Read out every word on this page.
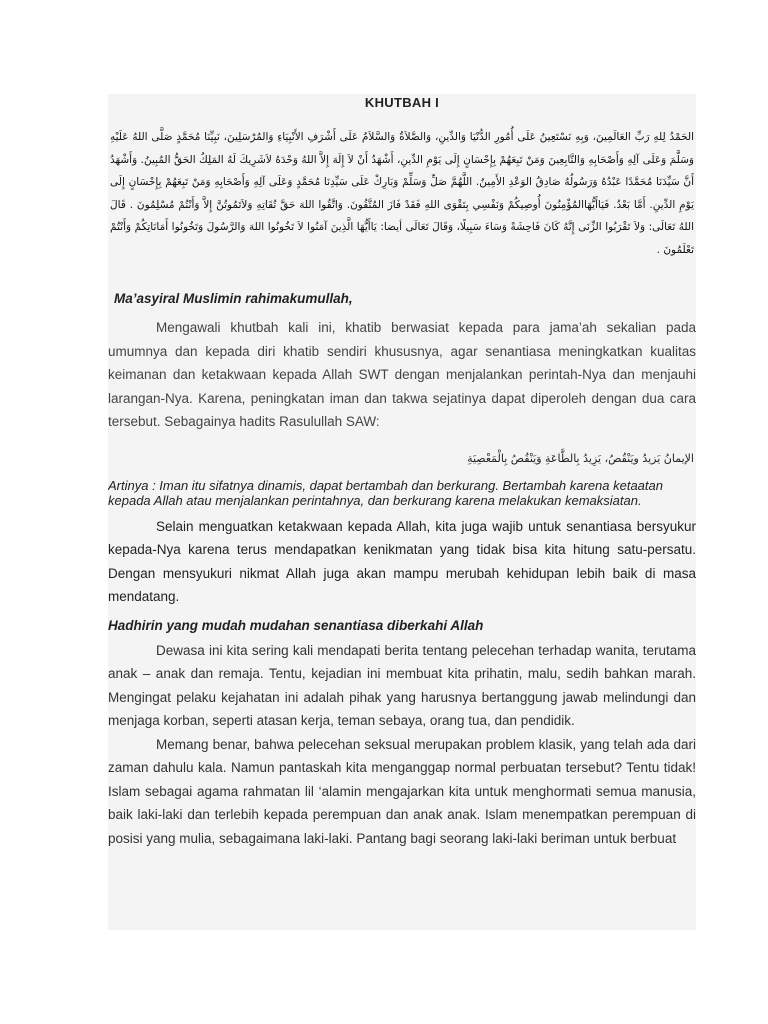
KHUTBAH I
الحَمْدُ لِلهِ رَبِّ العَالَمِينَ، وَبِهِ نَسْتَعِينُ عَلَى أُمُورِ الدُّنْيَا وَالدِّينِ، وَالصَّلاَةُ وَالسَّلاَمُ عَلَى أَشْرَفِ الأَنْبِيَاءِ وَالمُرْسَلِينَ، نَبِيِّنَا مُحَمَّدٍ صَلَّى اللهُ عَلَيْهِ وَسَلَّمَ وَعَلَى آلِهِ وَأَصْحَابِهِ وَالتَّابِعِينَ وَمَنْ تَبِعَهُمْ بِإِحْسَانٍ إِلَى يَوْمِ الدِّينِ، أَشْهَدُ أَنْ لاَ إِلَهَ إِلاَّ اللهُ وَحْدَهُ لاَشَرِيكَ لَهُ المَلِكُ الحَقُّ المُبِينُ. وَأَشْهَدُ أَنَّ سَيِّدَنَا مُحَمَّدًا عَبْدُهُ وَرَسُولُهُ صَادِقُ الوَعْدِ الأَمِينُ. اللَّهُمَّ صَلِّ وَسَلِّمْ وَبَارِكْ عَلَى سَيِّدِنَا مُحَمَّدٍ وَعَلَى آلِهِ وَأَصْحَابِهِ وَمَنْ تَبِعَهُمْ بِإِحْسَانٍ إِلَى يَوْمِ الدِّينِ. أَمَّا بَعْدُ. فَيَاأَيُّهَاالمُؤْمِنُونَ أُوصِيكُمْ وَنَفْسِي بِتَقْوَى اللهِ فَقَدْ فَازَ المُتَّقُونَ. وَاتَّقُوا اللهَ حَقَّ تُقَاتِهِ وَلاَتَمُوتُنَّ إِلاَّ وَأَنْتُمْ مُسْلِمُونَ . قَالَ اللهُ تَعَالَى: وَلاَ تَقْرَبُوا الزِّنَى إِنَّهُ كَانَ فَاحِشَةً وَسَاءَ سَبِيلًا، وَقَالَ تَعَالَى أيضا: يَاأَيُّهَا الَّذِينَ آمَنُوا لاَ تَخُونُوا اللهَ وَالرَّسُولَ وَتَخُونُوا أَمَانَاتِكُمْ وَأَنْتُمْ تَعْلَمُونَ .
Ma’asyiral Muslimin rahimakumullah,

Mengawali khutbah kali ini, khatib berwasiat kepada para jama’ah sekalian pada umumnya dan kepada diri khatib sendiri khususnya, agar senantiasa meningkatkan kualitas keimanan dan ketakwaan kepada Allah SWT dengan menjalankan perintah-Nya dan menjauhi larangan-Nya. Karena, peningkatan iman dan takwa sejatinya dapat diperoleh dengan dua cara tersebut. Sebagainya hadits Rasulullah SAW:

الإيمانُ يَزيدُ ويَنْقُصُ، يَزِيدُ بِالطَّاعَةِ وَيَنْقُصُ بِالْمَعْصِيَةِ
Artinya : Iman itu sifatnya dinamis, dapat bertambah dan berkurang. Bertambah karena ketaatan kepada Allah atau menjalankan perintahnya, dan berkurang karena melakukan kemaksiatan.

Selain menguatkan ketakwaan kepada Allah, kita juga wajib untuk senantiasa bersyukur kepada-Nya karena terus mendapatkan kenikmatan yang tidak bisa kita hitung satu-persatu. Dengan mensyukuri nikmat Allah juga akan mampu merubah kehidupan lebih baik di masa mendatang.

Hadhirin yang mudah mudahan senantiasa diberkahi Allah

Dewasa ini kita sering kali mendapati berita tentang pelecehan terhadap wanita, terutama anak – anak dan remaja. Tentu, kejadian ini membuat kita prihatin, malu, sedih bahkan marah. Mengingat pelaku kejahatan ini adalah pihak yang harusnya bertanggung jawab melindungi dan menjaga korban, seperti atasan kerja, teman sebaya, orang tua, dan pendidik.

Memang benar, bahwa pelecehan seksual merupakan problem klasik, yang telah ada dari zaman dahulu kala. Namun pantaskah kita menganggap normal perbuatan tersebut? Tentu tidak! Islam sebagai agama rahmatan lil ‘alamin mengajarkan kita untuk menghormati semua manusia, baik laki-laki dan terlebih kepada perempuan dan anak anak. Islam menempatkan perempuan di posisi yang mulia, sebagaimana laki-laki. Pantang bagi seorang laki-laki beriman untuk berbuat
